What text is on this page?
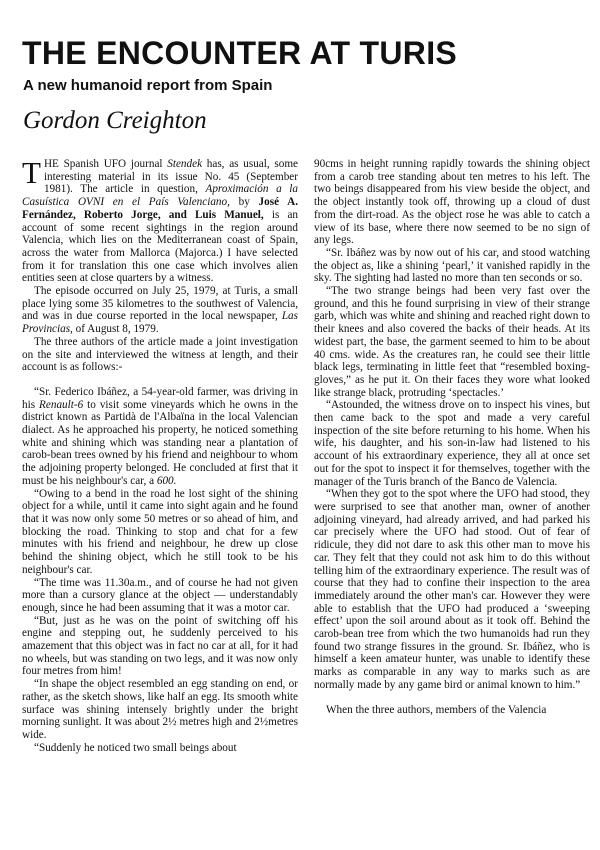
THE ENCOUNTER AT TURIS
A new humanoid report from Spain
Gordon Creighton

THE Spanish UFO journal Stendek has, as usual, some interesting material in its issue No. 45 (September 1981). The article in question, Aproximación a la Casuística OVNI en el País Valenciano, by José A. Fernández, Roberto Jorge, and Luis Manuel, is an account of some recent sightings in the region around Valencia, which lies on the Mediterranean coast of Spain, across the water from Mallorca (Majorca.) I have selected from it for translation this one case which involves alien entities seen at close quarters by a witness.

The episode occurred on July 25, 1979, at Turis, a small place lying some 35 kilometres to the southwest of Valencia, and was in due course reported in the local newspaper, Las Provincias, of August 8, 1979.

The three authors of the article made a joint investigation on the site and interviewed the witness at length, and their account is as follows:-

“Sr. Federico Ibáñez, a 54-year-old farmer, was driving in his Renault-6 to visit some vineyards which he owns in the district known as Partidà de l'Albaïna in the local Valencian dialect. As he approached his property, he noticed something white and shining which was standing near a plantation of carob-bean trees owned by his friend and neighbour to whom the adjoining property belonged. He concluded at first that it must be his neighbour's car, a 600.

“Owing to a bend in the road he lost sight of the shining object for a while, until it came into sight again and he found that it was now only some 50 metres or so ahead of him, and blocking the road. Thinking to stop and chat for a few minutes with his friend and neighbour, he drew up close behind the shining object, which he still took to be his neighbour's car.

“The time was 11.30a.m., and of course he had not given more than a cursory glance at the object — understandably enough, since he had been assuming that it was a motor car.

“But, just as he was on the point of switching off his engine and stepping out, he suddenly perceived to his amazement that this object was in fact no car at all, for it had no wheels, but was standing on two legs, and it was now only four metres from him!

“In shape the object resembled an egg standing on end, or rather, as the sketch shows, like half an egg. Its smooth white surface was shining intensely brightly under the bright morning sunlight. It was about 2½ metres high and 2½metres wide.

“Suddenly he noticed two small beings about

90cms in height running rapidly towards the shining object from a carob tree standing about ten metres to his left. The two beings disappeared from his view beside the object, and the object instantly took off, throwing up a cloud of dust from the dirt-road. As the object rose he was able to catch a view of its base, where there now seemed to be no sign of any legs.

“Sr. Ibáñez was by now out of his car, and stood watching the object as, like a shining ‘pearl,’ it vanished rapidly in the sky. The sighting had lasted no more than ten seconds or so.

“The two strange beings had been very fast over the ground, and this he found surprising in view of their strange garb, which was white and shining and reached right down to their knees and also covered the backs of their heads. At its widest part, the base, the garment seemed to him to be about 40 cms. wide. As the creatures ran, he could see their little black legs, terminating in little feet that “resembled boxing-gloves,” as he put it. On their faces they wore what looked like strange black, protruding ‘spectacles.’

“Astounded, the witness drove on to inspect his vines, but then came back to the spot and made a very careful inspection of the site before returning to his home. When his wife, his daughter, and his son-in-law had listened to his account of his extraordinary experience, they all at once set out for the spot to inspect it for themselves, together with the manager of the Turis branch of the Banco de Valencia.

“When they got to the spot where the UFO had stood, they were surprised to see that another man, owner of another adjoining vineyard, had already arrived, and had parked his car precisely where the UFO had stood. Out of fear of ridicule, they did not dare to ask this other man to move his car. They felt that they could not ask him to do this without telling him of the extraordinary experience. The result was of course that they had to confine their inspection to the area immediately around the other man's car. However they were able to establish that the UFO had produced a ‘sweeping effect’ upon the soil around about as it took off. Behind the carob-bean tree from which the two humanoids had run they found two strange fissures in the ground. Sr. Ibáñez, who is himself a keen amateur hunter, was unable to identify these marks as comparable in any way to marks such as are normally made by any game bird or animal known to him.”

When the three authors, members of the Valencia
